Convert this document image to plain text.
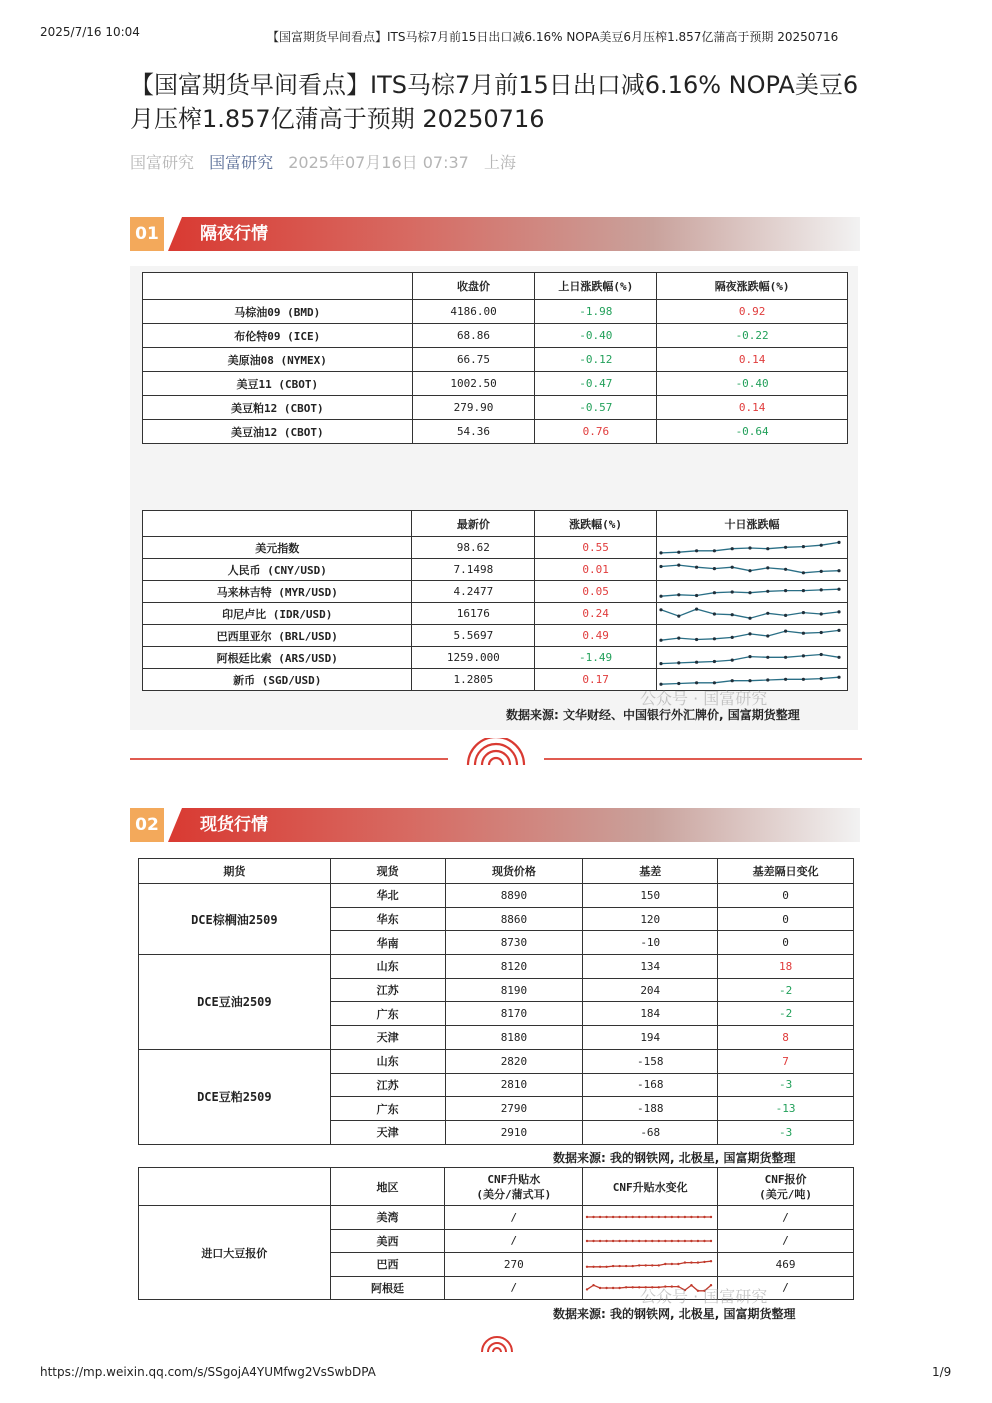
2025/7/16 10:04	【国富期货早间看点】ITS马棕7月前15日出口减6.16% NOPA美豆6月压榨1.857亿蒲高于预期 20250716
【国富期货早间看点】ITS马棕7月前15日出口减6.16% NOPA美豆6月压榨1.857亿蒲高于预期 20250716
国富研究 国富研究 2025年07月16日 07:37 上海
01	隔夜行情
	收盘价	上日涨跌幅(%)	隔夜涨跌幅(%)
马棕油09 (BMD)	4186.00	-1.98	0.92
布伦特09 (ICE)	68.86	-0.40	-0.22
美原油08 (NYMEX)	66.75	-0.12	0.14
美豆11 (CBOT)	1002.50	-0.47	-0.40
美豆粕12 (CBOT)	279.90	-0.57	0.14
美豆油12 (CBOT)	54.36	0.76	-0.64
	最新价	涨跌幅(%)	十日涨跌幅
美元指数	98.62	0.55	

人民币 (CNY/USD)	7.1498	0.01	

马来林吉特 (MYR/USD)	4.2477	0.05	

印尼卢比 (IDR/USD)	16176	0.24	

巴西里亚尔 (BRL/USD)	5.5697	0.49	

阿根廷比索 (ARS/USD)	1259.000	-1.49	

新币 (SGD/USD)	1.2805	0.17	
公众号 · 国富研究
数据来源: 文华财经、中国银行外汇牌价, 国富期货整理
02	现货行情
期货	现货	现货价格	基差	基差隔日变化
DCE棕榈油2509	华北	8890	150	0
	华东	8860	120	0
	华南	8730	-10	0
DCE豆油2509	山东	8120	134	18
	江苏	8190	204	-2
	广东	8170	184	-2
	天津	8180	194	8
DCE豆粕2509	山东	2820	-158	7
	江苏	2810	-168	-3
	广东	2790	-188	-13
	天津	2910	-68	-3
数据来源: 我的钢铁网, 北极星, 国富期货整理
	地区	CNF升贴水
(美分/蒲式耳)	CNF升贴水变化	CNF报价
(美元/吨)
进口大豆报价	美湾	/		/
	美西	/		/
	巴西	270		469
	阿根廷	/		/
公众号 · 国富研究
数据来源: 我的钢铁网, 北极星, 国富期货整理
https://mp.weixin.qq.com/s/SSgojA4YUMfwg2VsSwbDPA	1/9
